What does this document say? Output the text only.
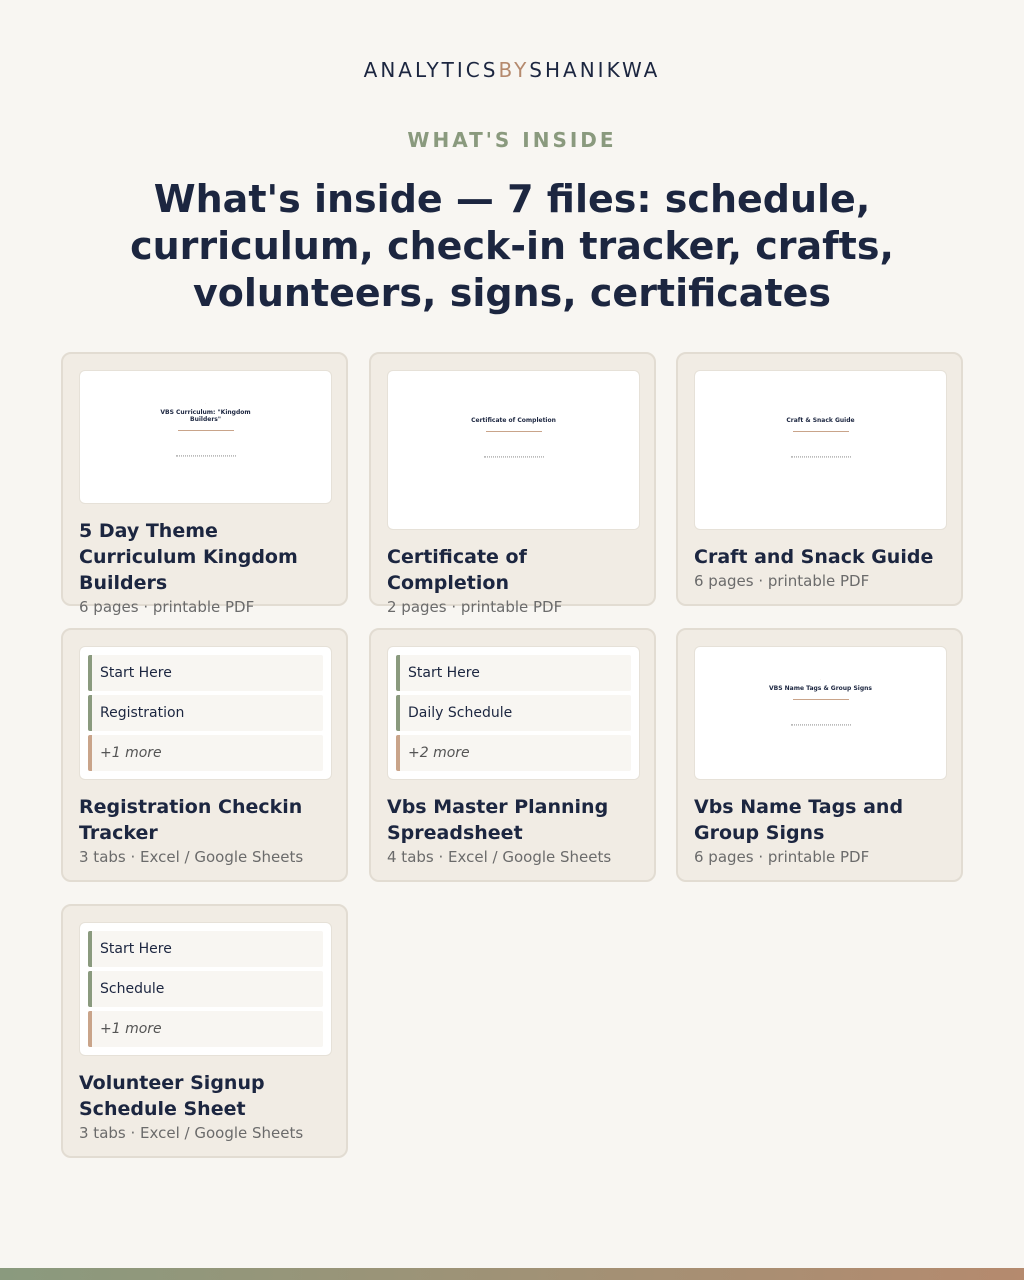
ANALYTICSBYSHANIKWA
WHAT'S INSIDE
What's inside — 7 files: schedule, curriculum, check-in tracker, crafts, volunteers, signs, certificates
·
VBS Curriculum: "Kingdom Builders"
5 Day Theme Curriculum Kingdom Builders
6 pages · printable PDF
·
Certificate of Completion
Certificate of Completion
2 pages · printable PDF
·
Craft & Snack Guide
Craft and Snack Guide
6 pages · printable PDF
Start Here
Registration
+1 more
Registration Checkin Tracker
3 tabs · Excel / Google Sheets
Start Here
Daily Schedule
+2 more
Vbs Master Planning Spreadsheet
4 tabs · Excel / Google Sheets
·
VBS Name Tags & Group Signs
Vbs Name Tags and Group Signs
6 pages · printable PDF
Start Here
Schedule
+1 more
Volunteer Signup Schedule Sheet
3 tabs · Excel / Google Sheets
